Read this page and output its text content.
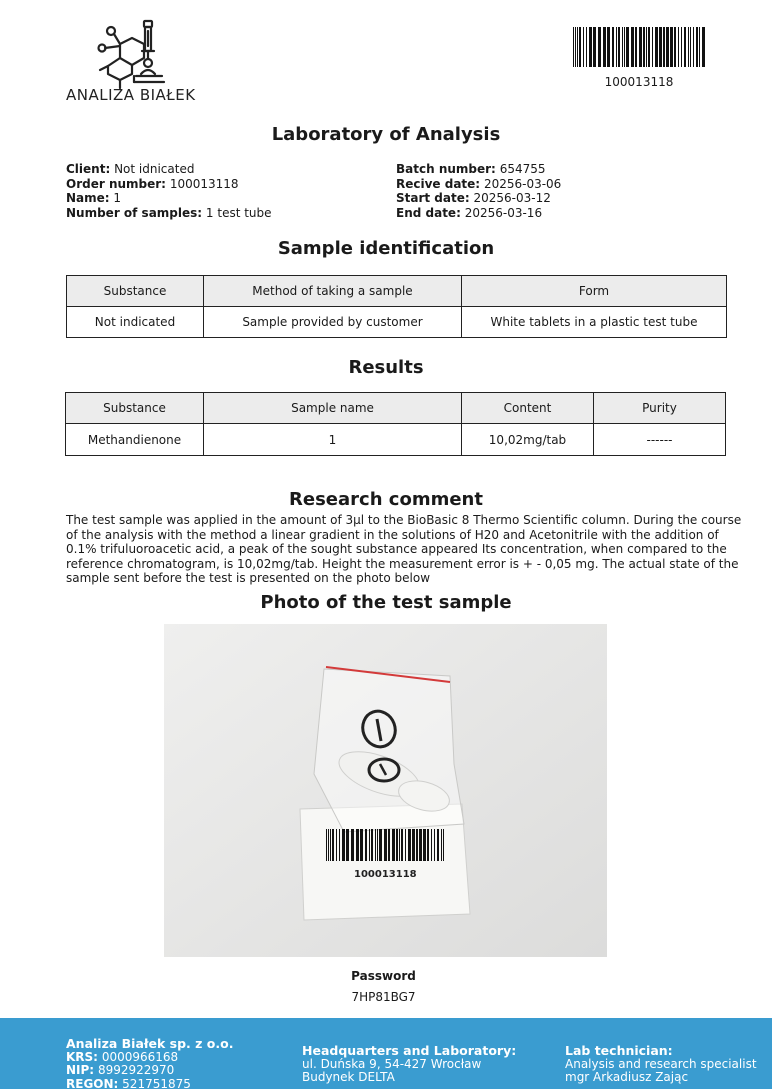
ANALIZA BIAŁEK
100013118
Laboratory of Analysis
Client: Not idnicated
Order number: 100013118
Name: 1
Number of samples: 1 test tube
Batch number: 654755
Recive date: 20256-03-06
Start date: 20256-03-12
End date: 20256-03-16
Sample identification
Substance	Method of taking a sample	Form
Not indicated	Sample provided by customer	White tablets in a plastic test tube
Results
Substance	Sample name	Content	Purity
Methandienone	1	10,02mg/tab	------
Research comment
The test sample was applied in the amount of 3µl to the BioBasic 8 Thermo Scientific column. During the course of the analysis with the method a linear gradient in the solutions of H20 and Acetonitrile with the addition of 0.1% trifuluoroacetic acid, a peak of the sought substance appeared Its concentration, when compared to the reference chromatogram, is 10,02mg/tab. Height the measurement error is + - 0,05 mg. The actual state of the sample sent before the test is presented on the photo below
Photo of the test sample
100013118
Password
7HP81BG7
Analiza Białek sp. z o.o.
KRS: 0000966168
NIP: 8992922970
REGON: 521751875
Headquarters and Laboratory:
ul. Duńska 9, 54-427 Wrocław
Budynek DELTA
Lab technician:
Analysis and research specialist
mgr Arkadiusz Zając
